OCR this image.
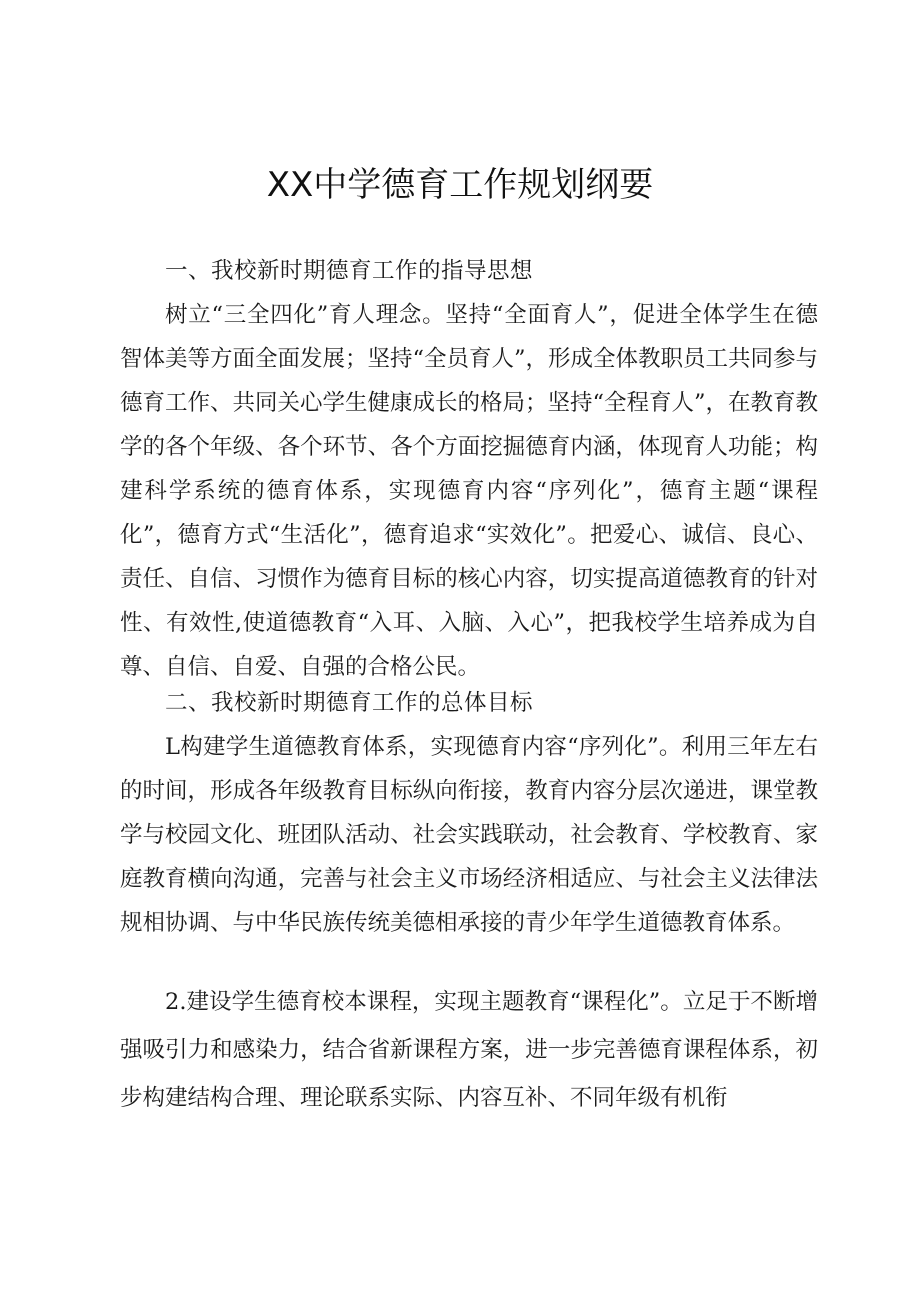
XX中学德育工作规划纲要

一、我校新时期德育工作的指导思想

树立“三全四化”育人理念。坚持“全面育人”，促进全体学生在德智体美等方面全面发展；坚持“全员育人”，形成全体教职员工共同参与德育工作、共同关心学生健康成长的格局；坚持“全程育人”，在教育教学的各个年级、各个环节、各个方面挖掘德育内涵，体现育人功能；构建科学系统的德育体系，实现德育内容“序列化”，德育主题“课程化”，德育方式“生活化”，德育追求“实效化”。把爱心、诚信、良心、责任、自信、习惯作为德育目标的核心内容，切实提高道德教育的针对性、有效性,使道德教育“入耳、入脑、入心”，把我校学生培养成为自尊、自信、自爱、自强的合格公民。

二、我校新时期德育工作的总体目标

L构建学生道德教育体系，实现德育内容“序列化”。利用三年左右的时间，形成各年级教育目标纵向衔接，教育内容分层次递进，课堂教学与校园文化、班团队活动、社会实践联动，社会教育、学校教育、家庭教育横向沟通，完善与社会主义市场经济相适应、与社会主义法律法规相协调、与中华民族传统美德相承接的青少年学生道德教育体系。

2.建设学生德育校本课程，实现主题教育“课程化”。立足于不断增强吸引力和感染力，结合省新课程方案，进一步完善德育课程体系，初步构建结构合理、理论联系实际、内容互补、不同年级有机衔
